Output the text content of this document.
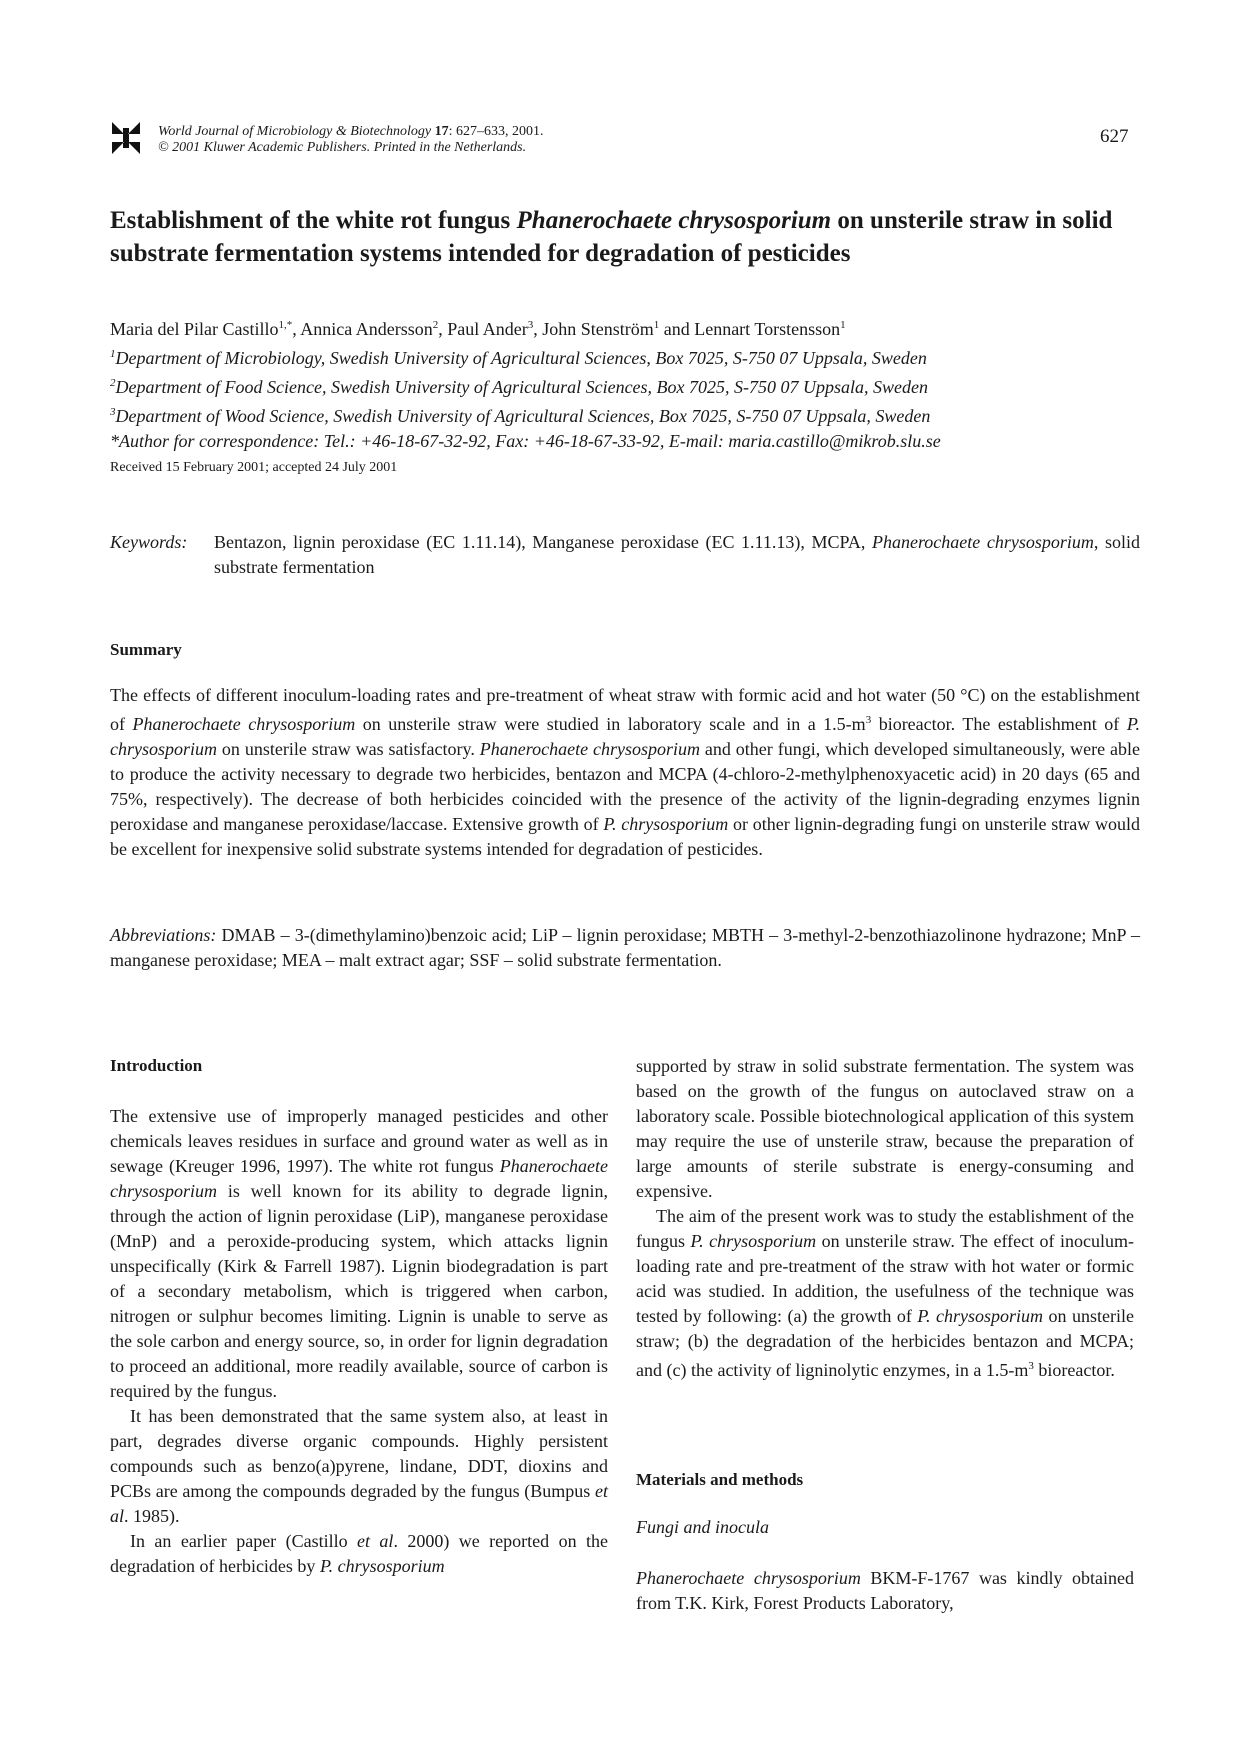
World Journal of Microbiology & Biotechnology 17: 627–633, 2001.
© 2001 Kluwer Academic Publishers. Printed in the Netherlands.
627
Establishment of the white rot fungus Phanerochaete chrysosporium on unsterile straw in solid substrate fermentation systems intended for degradation of pesticides
Maria del Pilar Castillo$^{1,*}$, Annica Andersson$^2$, Paul Ander$^3$, John Stenström$^1$ and Lennart Torstensson$^1$
$^1$Department of Microbiology, Swedish University of Agricultural Sciences, Box 7025, S-750 07 Uppsala, Sweden
$^2$Department of Food Science, Swedish University of Agricultural Sciences, Box 7025, S-750 07 Uppsala, Sweden
$^3$Department of Wood Science, Swedish University of Agricultural Sciences, Box 7025, S-750 07 Uppsala, Sweden
*Author for correspondence: Tel.: +46-18-67-32-92, Fax: +46-18-67-33-92, E-mail: maria.castillo@mikrob.slu.se
Received 15 February 2001; accepted 24 July 2001
Keywords: Bentazon, lignin peroxidase (EC 1.11.14), Manganese peroxidase (EC 1.11.13), MCPA, Phanerochaete chrysosporium, solid substrate fermentation
Summary
The effects of different inoculum-loading rates and pre-treatment of wheat straw with formic acid and hot water (50 °C) on the establishment of Phanerochaete chrysosporium on unsterile straw were studied in laboratory scale and in a $1.5-m^3$ bioreactor. The establishment of P. chrysosporium on unsterile straw was satisfactory. Phanerochaete chrysosporium and other fungi, which developed simultaneously, were able to produce the activity necessary to degrade two herbicides, bentazon and MCPA (4-chloro-2-methylphenoxyacetic acid) in 20 days (65 and 75%, respectively). The decrease of both herbicides coincided with the presence of the activity of the lignin-degrading enzymes lignin peroxidase and manganese peroxidase/laccase. Extensive growth of P. chrysosporium or other lignin-degrading fungi on unsterile straw would be excellent for inexpensive solid substrate systems intended for degradation of pesticides.
Abbreviations: DMAB – 3-(dimethylamino)benzoic acid; LiP – lignin peroxidase; MBTH – 3-methyl-2-benzothiazolinone hydrazone; MnP – manganese peroxidase; MEA – malt extract agar; SSF – solid substrate fermentation.
Introduction

The extensive use of improperly managed pesticides and other chemicals leaves residues in surface and ground water as well as in sewage (Kreuger 1996, 1997). The white rot fungus Phanerochaete chrysosporium is well known for its ability to degrade lignin, through the action of lignin peroxidase (LiP), manganese peroxidase (MnP) and a peroxide-producing system, which attacks lignin unspecifically (Kirk & Farrell 1987). Lignin biodegradation is part of a secondary metabolism, which is triggered when carbon, nitrogen or sulphur becomes limiting. Lignin is unable to serve as the sole carbon and energy source, so, in order for lignin degradation to proceed an additional, more readily available, source of carbon is required by the fungus.

It has been demonstrated that the same system also, at least in part, degrades diverse organic compounds. Highly persistent compounds such as benzo(a)pyrene, lindane, DDT, dioxins and PCBs are among the compounds degraded by the fungus (Bumpus et al. 1985).

In an earlier paper (Castillo et al. 2000) we reported on the degradation of herbicides by P. chrysosporium

supported by straw in solid substrate fermentation. The system was based on the growth of the fungus on autoclaved straw on a laboratory scale. Possible biotechnological application of this system may require the use of unsterile straw, because the preparation of large amounts of sterile substrate is energy-consuming and expensive.

The aim of the present work was to study the establishment of the fungus P. chrysosporium on unsterile straw. The effect of inoculum-loading rate and pre-treatment of the straw with hot water or formic acid was studied. In addition, the usefulness of the technique was tested by following: (a) the growth of P. chrysosporium on unsterile straw; (b) the degradation of the herbicides bentazon and MCPA; and (c) the activity of ligninolytic enzymes, in a $1.5-m^3$ bioreactor.

Materials and methods
Fungi and inocula

Phanerochaete chrysosporium BKM-F-1767 was kindly obtained from T.K. Kirk, Forest Products Laboratory,
